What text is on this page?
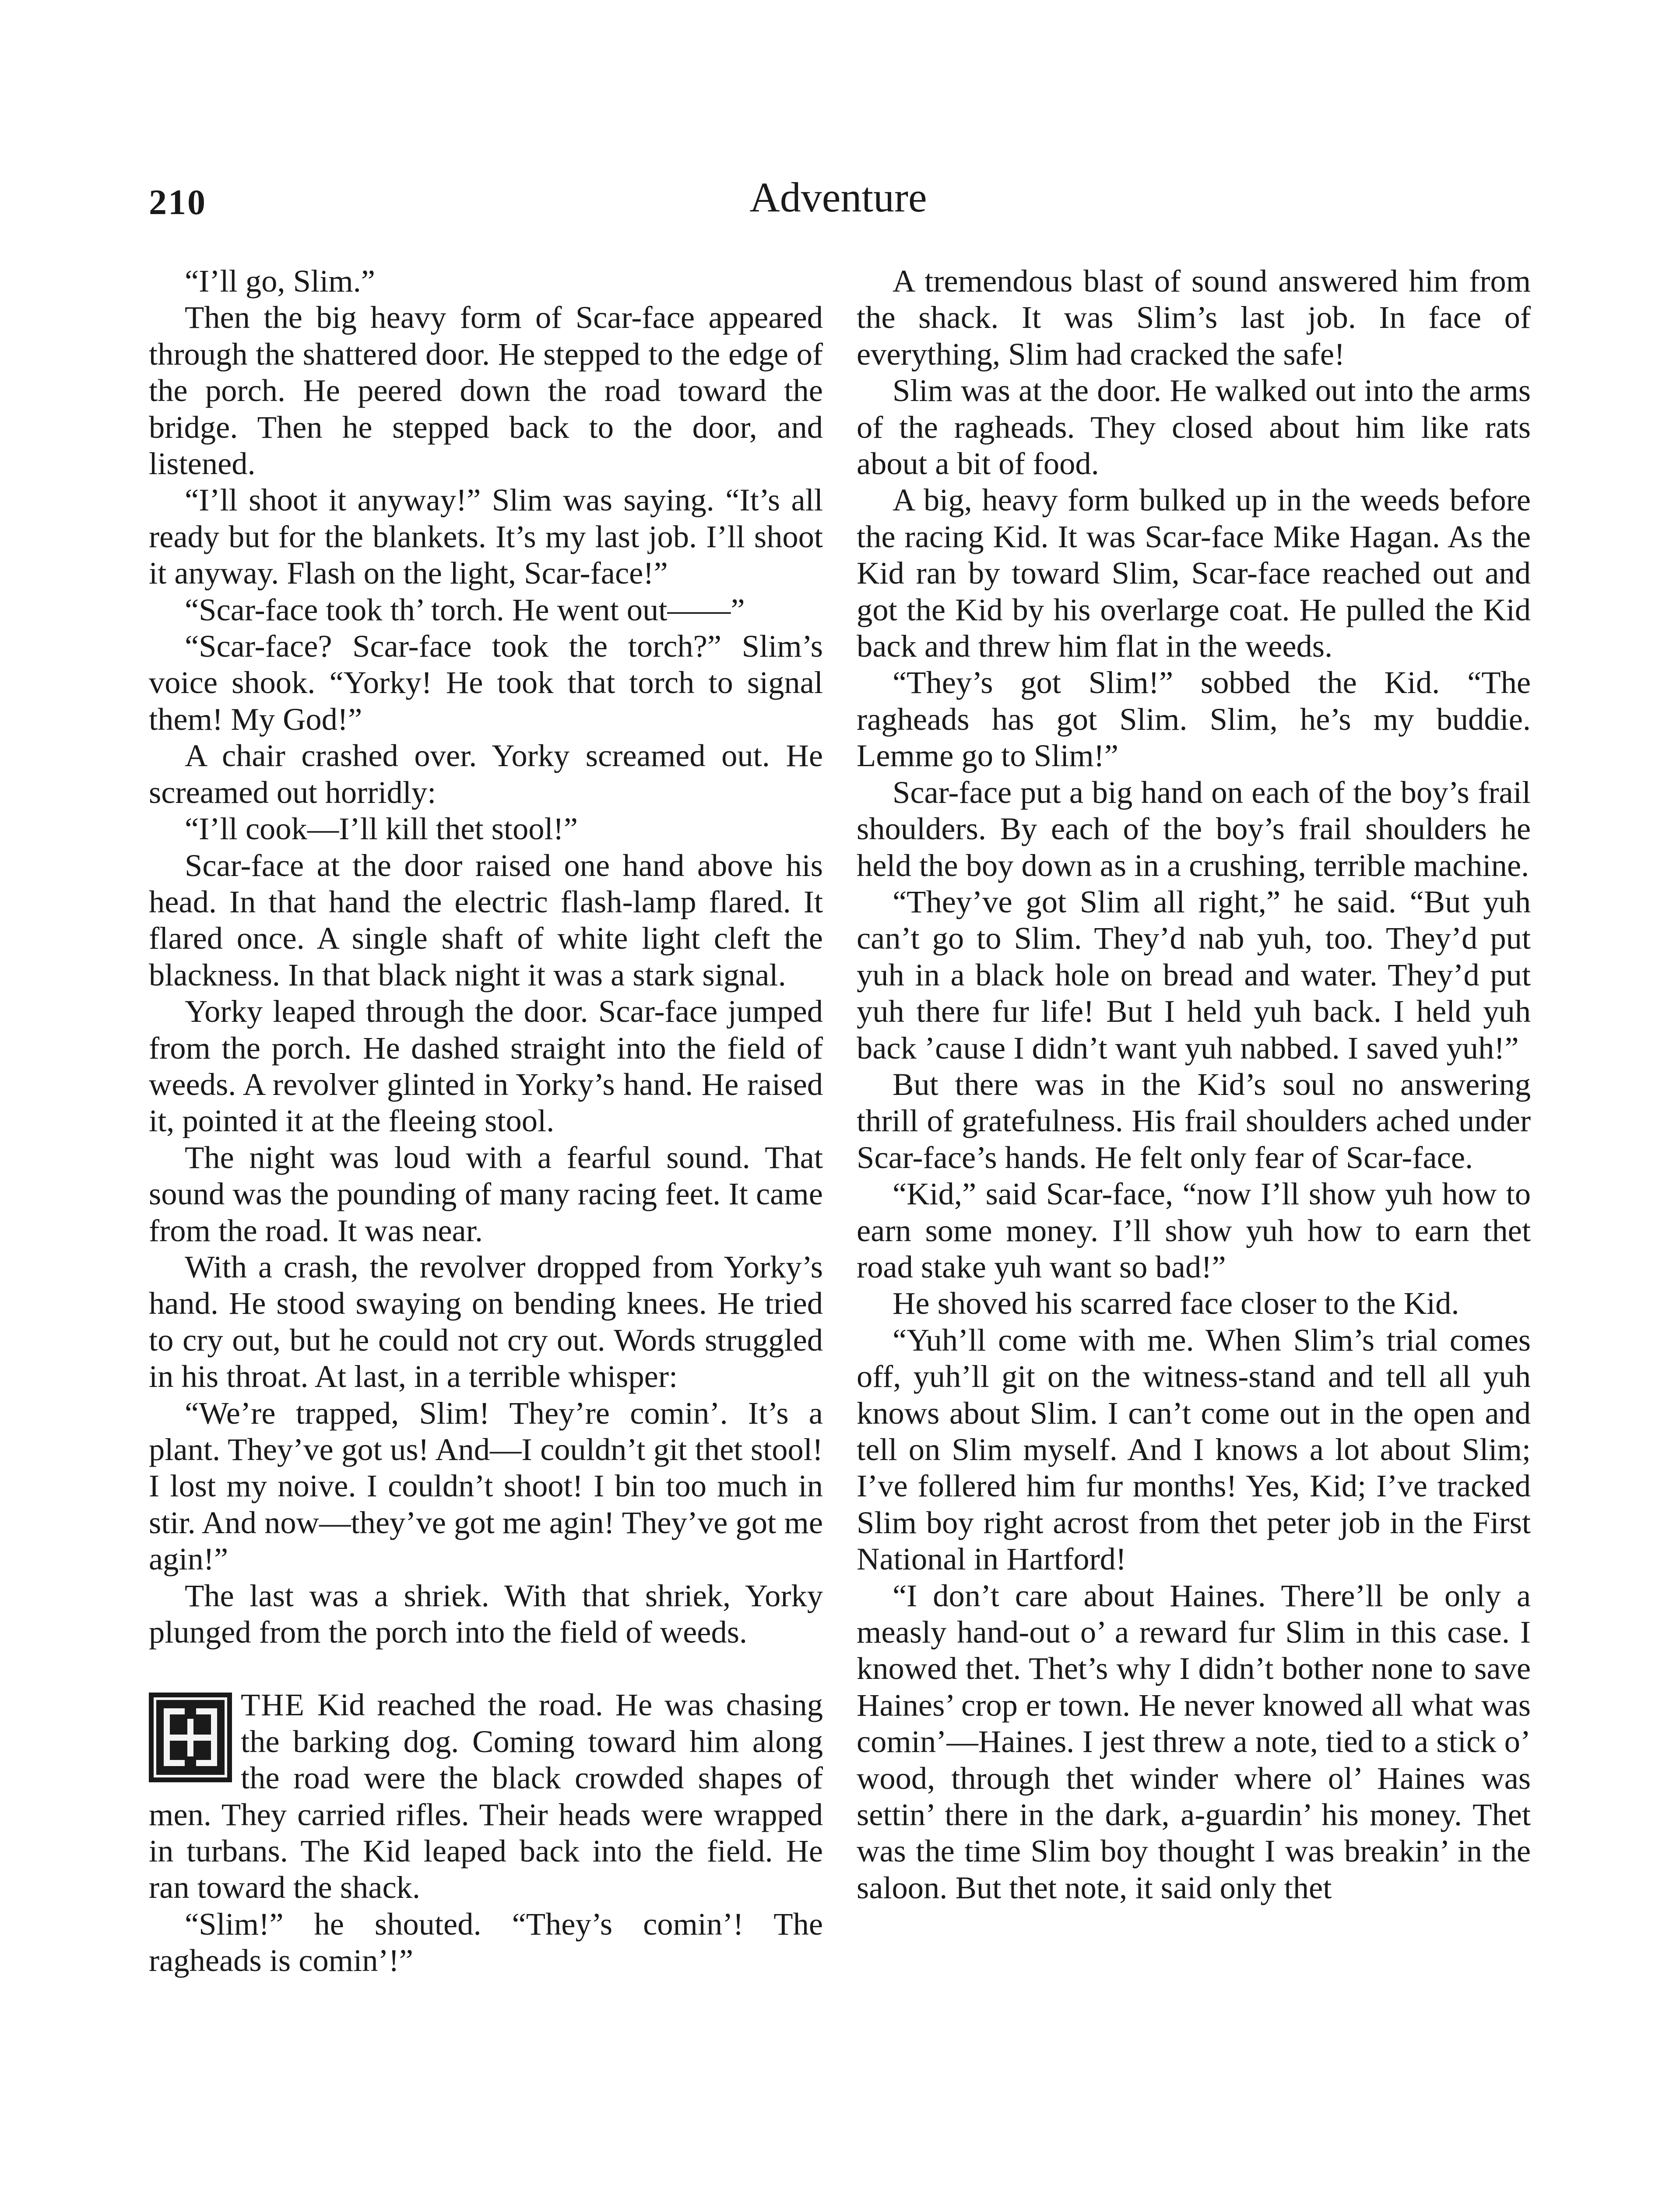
210	Adventure

“I’ll go, Slim.”

Then the big heavy form of Scar-face appeared through the shattered door. He stepped to the edge of the porch. He peered down the road toward the bridge. Then he stepped back to the door, and listened.

“I’ll shoot it anyway!” Slim was saying. “It’s all ready but for the blankets. It’s my last job. I’ll shoot it anyway. Flash on the light, Scar-face!”

“Scar-face took th’ torch. He went out——”

“Scar-face? Scar-face took the torch?” Slim’s voice shook. “Yorky! He took that torch to signal them! My God!”

A chair crashed over. Yorky screamed out. He screamed out horridly:

“I’ll cook—I’ll kill thet stool!”

Scar-face at the door raised one hand above his head. In that hand the electric flash-lamp flared. It flared once. A single shaft of white light cleft the blackness. In that black night it was a stark signal.

Yorky leaped through the door. Scar-face jumped from the porch. He dashed straight into the field of weeds. A revolver glinted in Yorky’s hand. He raised it, pointed it at the fleeing stool.

The night was loud with a fearful sound. That sound was the pounding of many racing feet. It came from the road. It was near.

With a crash, the revolver dropped from Yorky’s hand. He stood swaying on bending knees. He tried to cry out, but he could not cry out. Words struggled in his throat. At last, in a terrible whisper:

“We’re trapped, Slim! They’re comin’. It’s a plant. They’ve got us! And—I couldn’t git thet stool! I lost my noive. I couldn’t shoot! I bin too much in stir. And now—they’ve got me agin! They’ve got me agin!”

The last was a shriek. With that shriek, Yorky plunged from the porch into the field of weeds.

THE Kid reached the road. He was chasing the barking dog. Coming toward him along the road were the black crowded shapes of men. They carried rifles. Their heads were wrapped in turbans. The Kid leaped back into the field. He ran toward the shack.

“Slim!” he shouted. “They’s comin’! The ragheads is comin’!”

A tremendous blast of sound answered him from the shack. It was Slim’s last job. In face of everything, Slim had cracked the safe!

Slim was at the door. He walked out into the arms of the ragheads. They closed about him like rats about a bit of food.

A big, heavy form bulked up in the weeds before the racing Kid. It was Scar-face Mike Hagan. As the Kid ran by toward Slim, Scar-face reached out and got the Kid by his overlarge coat. He pulled the Kid back and threw him flat in the weeds.

“They’s got Slim!” sobbed the Kid. “The ragheads has got Slim. Slim, he’s my buddie. Lemme go to Slim!”

Scar-face put a big hand on each of the boy’s frail shoulders. By each of the boy’s frail shoulders he held the boy down as in a crushing, terrible machine.

“They’ve got Slim all right,” he said. “But yuh can’t go to Slim. They’d nab yuh, too. They’d put yuh in a black hole on bread and water. They’d put yuh there fur life! But I held yuh back. I held yuh back ’cause I didn’t want yuh nabbed. I saved yuh!”

But there was in the Kid’s soul no answering thrill of gratefulness. His frail shoulders ached under Scar-face’s hands. He felt only fear of Scar-face.

“Kid,” said Scar-face, “now I’ll show yuh how to earn some money. I’ll show yuh how to earn thet road stake yuh want so bad!”

He shoved his scarred face closer to the Kid.

“Yuh’ll come with me. When Slim’s trial comes off, yuh’ll git on the witness-stand and tell all yuh knows about Slim. I can’t come out in the open and tell on Slim myself. And I knows a lot about Slim; I’ve follered him fur months! Yes, Kid; I’ve tracked Slim boy right acrost from thet peter job in the First National in Hartford!

“I don’t care about Haines. There’ll be only a measly hand-out o’ a reward fur Slim in this case. I knowed thet. Thet’s why I didn’t bother none to save Haines’ crop er town. He never knowed all what was comin’—Haines. I jest threw a note, tied to a stick o’ wood, through thet winder where ol’ Haines was settin’ there in the dark, a-guardin’ his money. Thet was the time Slim boy thought I was breakin’ in the saloon. But thet note, it said only thet
